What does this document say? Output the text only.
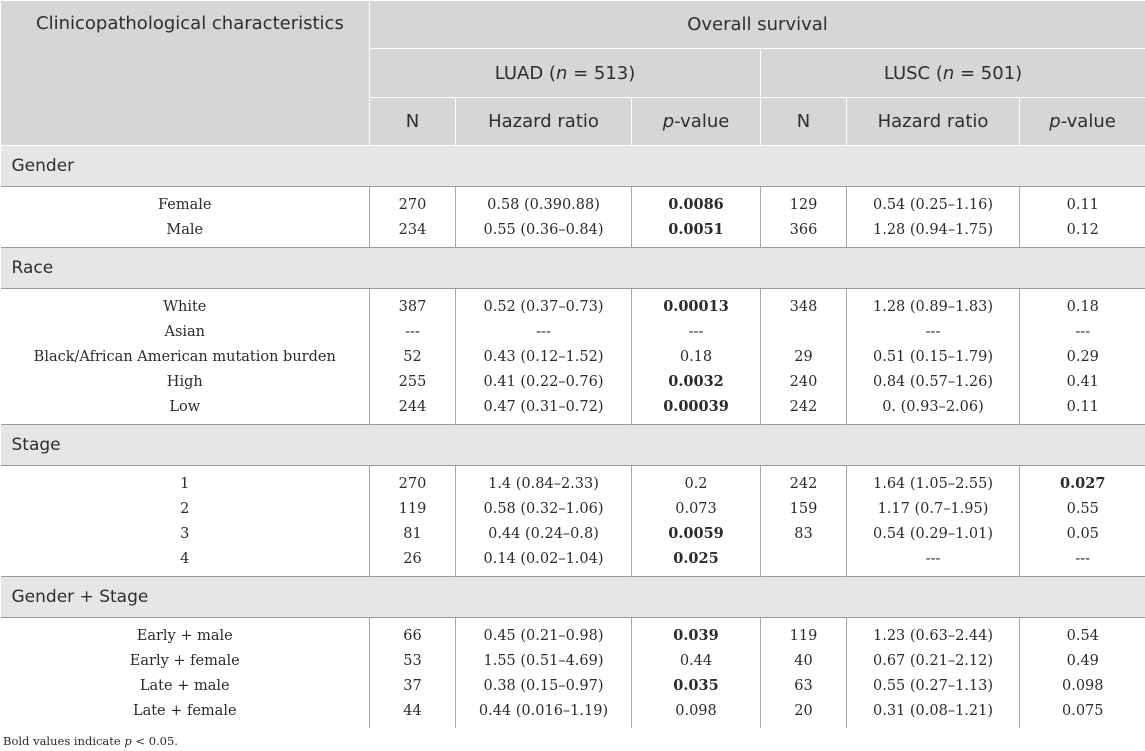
Clinicopathological characteristics	Overall survival					
	LUAD (n = 513)			LUSC (n = 501)		
	N	Hazard ratio	p-value	N	Hazard ratio	p-value
Gender						
Female	270	0.58 (0.390.88)	0.0086	129	0.54 (0.25–1.16)	0.11
Male	234	0.55 (0.36–0.84)	0.0051	366	1.28 (0.94–1.75)	0.12
Race						
White	387	0.52 (0.37–0.73)	0.00013	348	1.28 (0.89–1.83)	0.18
Asian	---	---	---		---	---
Black/African American mutation burden	52	0.43 (0.12–1.52)	0.18	29	0.51 (0.15–1.79)	0.29
High	255	0.41 (0.22–0.76)	0.0032	240	0.84 (0.57–1.26)	0.41
Low	244	0.47 (0.31–0.72)	0.00039	242	0. (0.93–2.06)	0.11
Stage						
1	270	1.4 (0.84–2.33)	0.2	242	1.64 (1.05–2.55)	0.027
2	119	0.58 (0.32–1.06)	0.073	159	1.17 (0.7–1.95)	0.55
3	81	0.44 (0.24–0.8)	0.0059	83	0.54 (0.29–1.01)	0.05
4	26	0.14 (0.02–1.04)	0.025		---	---
Gender + Stage						
Early + male	66	0.45 (0.21–0.98)	0.039	119	1.23 (0.63–2.44)	0.54
Early + female	53	1.55 (0.51–4.69)	0.44	40	0.67 (0.21–2.12)	0.49
Late + male	37	0.38 (0.15–0.97)	0.035	63	0.55 (0.27–1.13)	0.098
Late + female	44	0.44 (0.016–1.19)	0.098	20	0.31 (0.08–1.21)	0.075
Bold values indicate p < 0.05.
